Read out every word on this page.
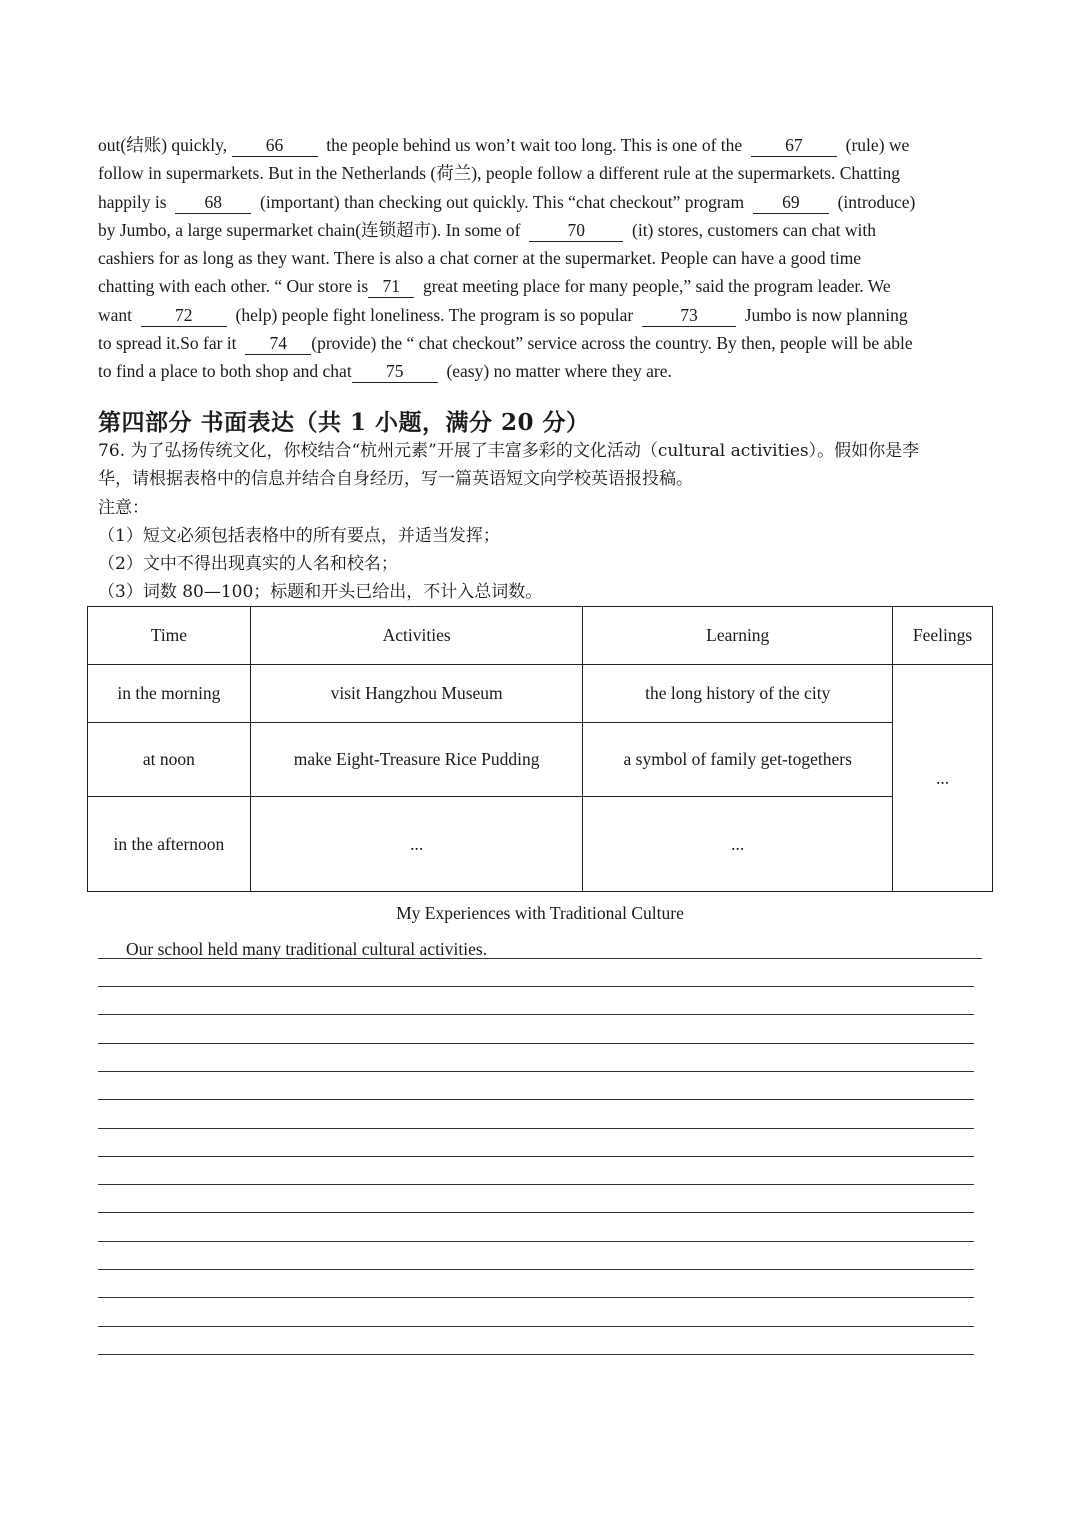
out(结账) quickly, 66  the people behind us won’t wait too long. This is one of the  67  (rule) we
follow in supermarkets. But in the Netherlands (荷兰), people follow a different rule at the supermarkets. Chatting
happily is  68  (important) than checking out quickly. This “chat checkout” program  69  (introduce)
by Jumbo, a large supermarket chain(连锁超市). In some of  70  (it) stores, customers can chat with
cashiers for as long as they want. There is also a chat corner at the supermarket. People can have a good time
chatting with each other. “ Our store is 71  great meeting place for many people,” said the program leader. We
want  72  (help) people fight loneliness. The program is so popular  73  Jumbo is now planning
to spread it.So far it  74 (provide) the “ chat checkout” service across the country. By then, people will be able
to find a place to both shop and chat 75  (easy) no matter where they are.
第四部分 书面表达（共 1 小题，满分 20 分）
76. 为了弘扬传统文化，你校结合“杭州元素”开展了丰富多彩的文化活动（cultural activities）。假如你是李
华，请根据表格中的信息并结合自身经历，写一篇英语短文向学校英语报投稿。
注意：
（1）短文必须包括表格中的所有要点，并适当发挥；
（2）文中不得出现真实的人名和校名；
（3）词数 80—100；标题和开头已给出，不计入总词数。
Time	Activities	Learning	Feelings
in the morning	visit Hangzhou Museum	the long history of the city	...
at noon	make Eight-Treasure Rice Pudding	a symbol of family get-togethers	
in the afternoon	...	...	
My Experiences with Traditional Culture
Our school held many traditional cultural activities.
